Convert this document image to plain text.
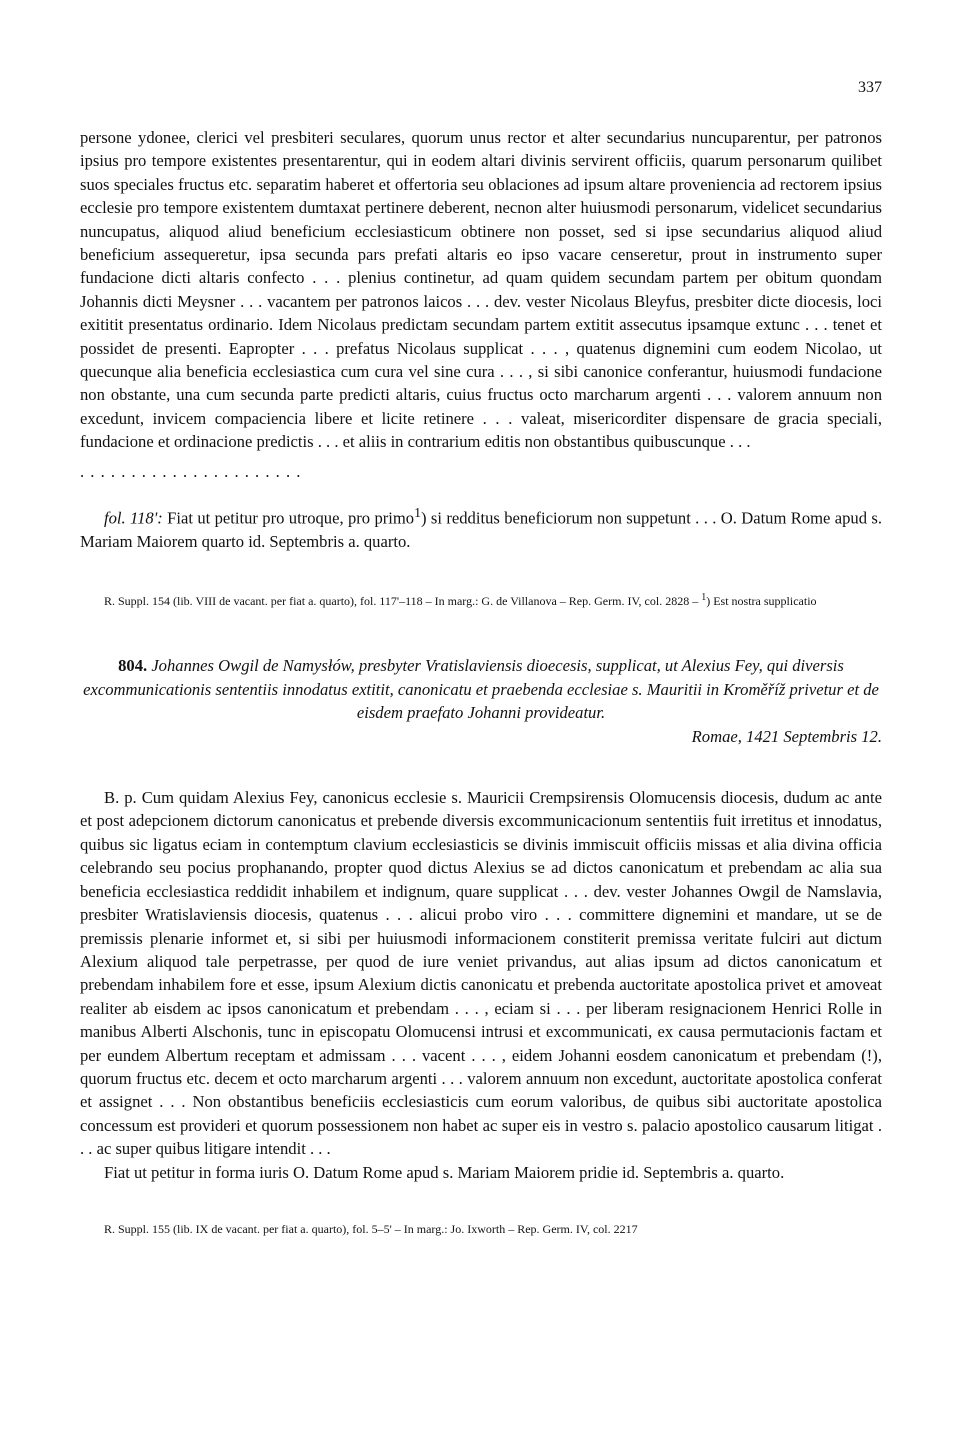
337

persone ydonee, clerici vel presbiteri seculares, quorum unus rector et alter secundarius nuncuparentur, per patronos ipsius pro tempore existentes presentarentur, qui in eodem altari divinis servirent officiis, quarum personarum quilibet suos speciales fructus etc. separatim haberet et offertoria seu oblaciones ad ipsum altare proveniencia ad rectorem ipsius ecclesie pro tempore existentem dumtaxat pertinere deberent, necnon alter huiusmodi personarum, videlicet secundarius nuncupatus, aliquod aliud beneficium ecclesiasticum obtinere non posset, sed si ipse secundarius aliquod aliud beneficium assequeretur, ipsa secunda pars prefati altaris eo ipso vacare censeretur, prout in instrumento super fundacione dicti altaris confecto . . . plenius continetur, ad quam quidem secundam partem per obitum quondam Johannis dicti Meysner . . . vacantem per patronos laicos . . . dev. vester Nicolaus Bleyfus, presbiter dicte diocesis, loci exititit presentatus ordinario. Idem Nicolaus predictam secundam partem extitit assecutus ipsamque extunc . . . tenet et possidet de presenti. Eapropter . . . prefatus Nicolaus supplicat . . . , quatenus dignemini cum eodem Nicolao, ut quecunque alia beneficia ecclesiastica cum cura vel sine cura . . . , si sibi canonice conferantur, huiusmodi fundacione non obstante, una cum secunda parte predicti altaris, cuius fructus octo marcharum argenti . . . valorem annuum non excedunt, invicem compaciencia libere et licite retinere . . . valeat, misericorditer dispensare de gracia speciali, fundacione et ordinacione predictis . . . et aliis in contrarium editis non obstantibus quibuscunque . . .

. . . . . . . . . . . . . . . . . . . . . .

fol. 118': Fiat ut petitur pro utroque, pro primo$^1$) si redditus beneficiorum non suppetunt . . . O. Datum Rome apud s. Mariam Maiorem quarto id. Septembris a. quarto.

R. Suppl. 154 (lib. VIII de vacant. per fiat a. quarto), fol. 117'–118 – In marg.: G. de Villanova – Rep. Germ. IV, col. 2828 – $^1$) Est nostra supplicatio

804. Johannes Owgil de Namysłów, presbyter Vratislaviensis dioecesis, supplicat, ut Alexius Fey, qui diversis excommunicationis sententiis innodatus extitit, canonicatu et praebenda ecclesiae s. Mauritii in Kroměříž privetur et de eisdem praefato Johanni provideatur.

Romae, 1421 Septembris 12.

B. p. Cum quidam Alexius Fey, canonicus ecclesie s. Mauricii Crempsirensis Olomucensis diocesis, dudum ac ante et post adepcionem dictorum canonicatus et prebende diversis excommunicacionum sententiis fuit irretitus et innodatus, quibus sic ligatus eciam in contemptum clavium ecclesiasticis se divinis immiscuit officiis missas et alia divina officia celebrando seu pocius prophanando, propter quod dictus Alexius se ad dictos canonicatum et prebendam ac alia sua beneficia ecclesiastica reddidit inhabilem et indignum, quare supplicat . . . dev. vester Johannes Owgil de Namslavia, presbiter Wratislaviensis diocesis, quatenus . . . alicui probo viro . . . committere dignemini et mandare, ut se de premissis plenarie informet et, si sibi per huiusmodi informacionem constiterit premissa veritate fulciri aut dictum Alexium aliquod tale perpetrasse, per quod de iure veniet privandus, aut alias ipsum ad dictos canonicatum et prebendam inhabilem fore et esse, ipsum Alexium dictis canonicatu et prebenda auctoritate apostolica privet et amoveat realiter ab eisdem ac ipsos canonicatum et prebendam . . . , eciam si . . . per liberam resignacionem Henrici Rolle in manibus Alberti Alschonis, tunc in episcopatu Olomucensi intrusi et excommunicati, ex causa permutacionis factam et per eundem Albertum receptam et admissam . . . vacent . . . , eidem Johanni eosdem canonicatum et prebendam (!), quorum fructus etc. decem et octo marcharum argenti . . . valorem annuum non excedunt, auctoritate apostolica conferat et assignet . . . Non obstantibus beneficiis ecclesiasticis cum eorum valoribus, de quibus sibi auctoritate apostolica concessum est provideri et quorum possessionem non habet ac super eis in vestro s. palacio apostolico causarum litigat . . . ac super quibus litigare intendit . . .

Fiat ut petitur in forma iuris O. Datum Rome apud s. Mariam Maiorem pridie id. Septembris a. quarto.

R. Suppl. 155 (lib. IX de vacant. per fiat a. quarto), fol. 5–5' – In marg.: Jo. Ixworth – Rep. Germ. IV, col. 2217
